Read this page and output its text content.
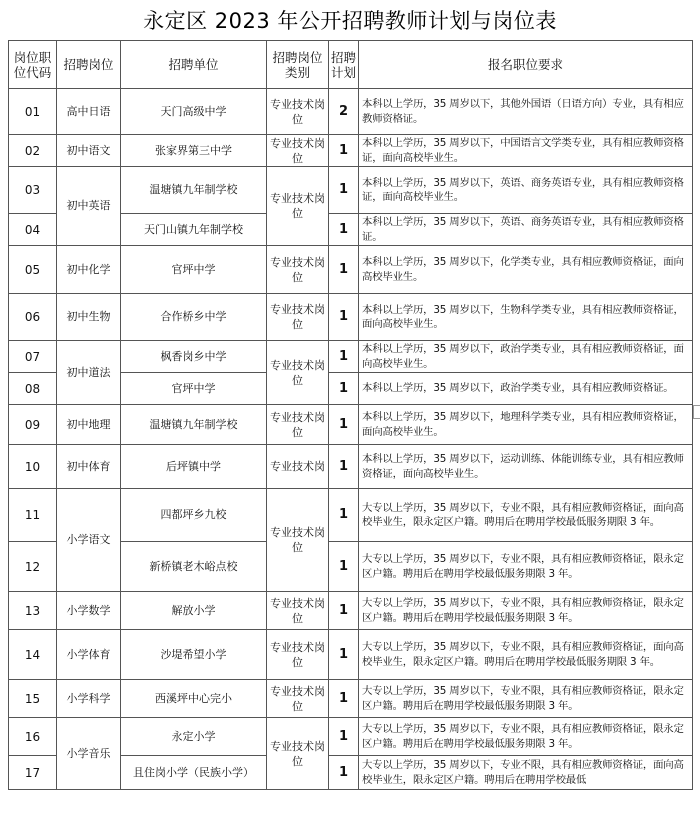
永定区 2023 年公开招聘教师计划与岗位表
岗位职位代码	招聘岗位	招聘单位	招聘岗位类别	招聘计划	报名职位要求
01	高中日语	天门高级中学	专业技术岗位	2	本科以上学历，35 周岁以下，其他外国语（日语方向）专业，具有相应教师资格证。
02	初中语文	张家界第三中学	专业技术岗位	1	本科以上学历，35 周岁以下，中国语言文学类专业，具有相应教师资格证，面向高校毕业生。
03	初中英语	温塘镇九年制学校	专业技术岗位	1	本科以上学历，35 周岁以下，英语、商务英语专业，具有相应教师资格证，面向高校毕业生。
04		天门山镇九年制学校		1	本科以上学历，35 周岁以下，英语、商务英语专业，具有相应教师资格证。
05	初中化学	官坪中学	专业技术岗位	1	本科以上学历，35 周岁以下，化学类专业，具有相应教师资格证，面向高校毕业生。
06	初中生物	合作桥乡中学	专业技术岗位	1	本科以上学历，35 周岁以下，生物科学类专业，具有相应教师资格证，面向高校毕业生。
07	初中道法	枫香岗乡中学	专业技术岗位	1	本科以上学历，35 周岁以下，政治学类专业，具有相应教师资格证，面向高校毕业生。
08		官坪中学		1	本科以上学历，35 周岁以下，政治学类专业，具有相应教师资格证。
09	初中地理	温塘镇九年制学校	专业技术岗位	1	本科以上学历，35 周岁以下，地理科学类专业，具有相应教师资格证，面向高校毕业生。
10	初中体育	后坪镇中学	专业技术岗	1	本科以上学历，35 周岁以下，运动训练、体能训练专业，具有相应教师资格证，面向高校毕业生。
11	小学语文	四都坪乡九校	专业技术岗位	1	大专以上学历，35 周岁以下，专业不限，具有相应教师资格证，面向高校毕业生，限永定区户籍。聘用后在聘用学校最低服务期限 3 年。
12		新桥镇老木峪点校		1	大专以上学历，35 周岁以下，专业不限，具有相应教师资格证，限永定区户籍。聘用后在聘用学校最低服务期限 3 年。
13	小学数学	解放小学	专业技术岗位	1	大专以上学历，35 周岁以下，专业不限，具有相应教师资格证，限永定区户籍。聘用后在聘用学校最低服务期限 3 年。
14	小学体育	沙堤希望小学	专业技术岗位	1	大专以上学历，35 周岁以下，专业不限，具有相应教师资格证，面向高校毕业生，限永定区户籍。聘用后在聘用学校最低服务期限 3 年。
15	小学科学	西溪坪中心完小	专业技术岗位	1	大专以上学历，35 周岁以下，专业不限，具有相应教师资格证，限永定区户籍。聘用后在聘用学校最低服务期限 3 年。
16	小学音乐	永定小学	专业技术岗位	1	大专以上学历，35 周岁以下，专业不限，具有相应教师资格证，限永定区户籍。聘用后在聘用学校最低服务期限 3 年。
17		且住岗小学（民族小学）		1	大专以上学历，35 周岁以下，专业不限，具有相应教师资格证，面向高校毕业生，限永定区户籍。聘用后在聘用学校最低
